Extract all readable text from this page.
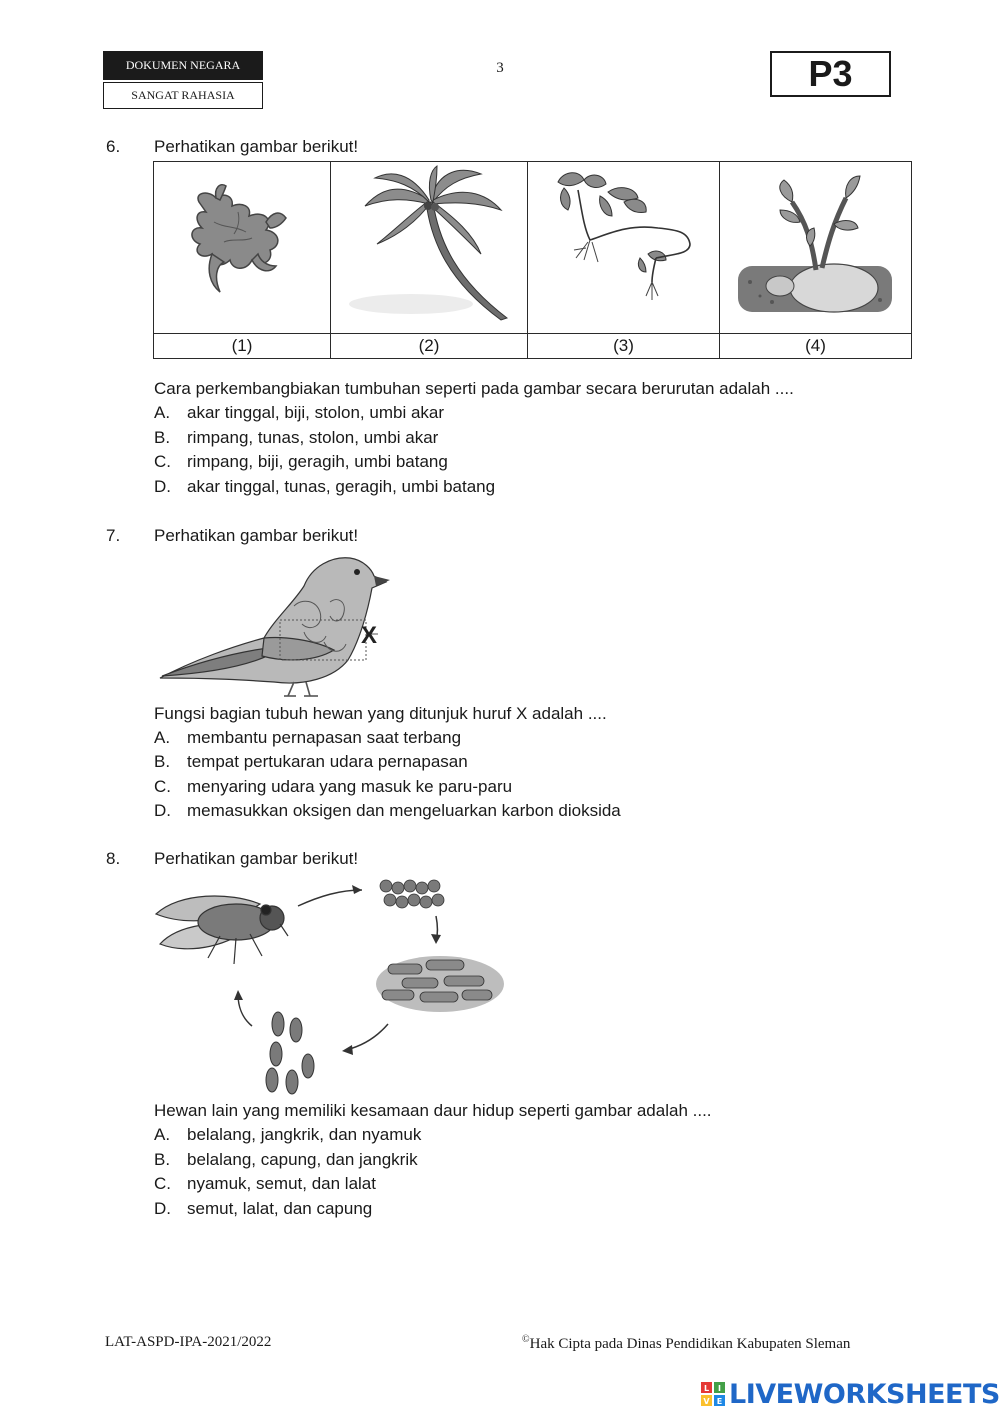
DOKUMEN NEGARA
SANGAT RAHASIA
3	P3
6. Perhatikan gambar berikut!

(1)	(2)	(3)	(4)
Cara perkembangbiakan tumbuhan seperti pada gambar secara berurutan adalah ....
A. akar tinggal, biji, stolon, umbi akar
B. rimpang, tunas, stolon, umbi akar
C. rimpang, biji, geragih, umbi batang
D. akar tinggal, tunas, geragih, umbi batang
7. Perhatikan gambar berikut!
X
Fungsi bagian tubuh hewan yang ditunjuk huruf X adalah ....
A. membantu pernapasan saat terbang
B. tempat pertukaran udara pernapasan
C. menyaring udara yang masuk ke paru-paru
D. memasukkan oksigen dan mengeluarkan karbon dioksida
8. Perhatikan gambar berikut!
Hewan lain yang memiliki kesamaan daur hidup seperti gambar adalah ....
A. belalang, jangkrik, dan nyamuk
B. belalang, capung, dan jangkrik
C. nyamuk, semut, dan lalat
D. semut, lalat, dan capung
LAT-ASPD-IPA-2021/2022	©Hak Cipta pada Dinas Pendidikan Kabupaten Sleman
L I
V E LIVEWORKSHEETS
